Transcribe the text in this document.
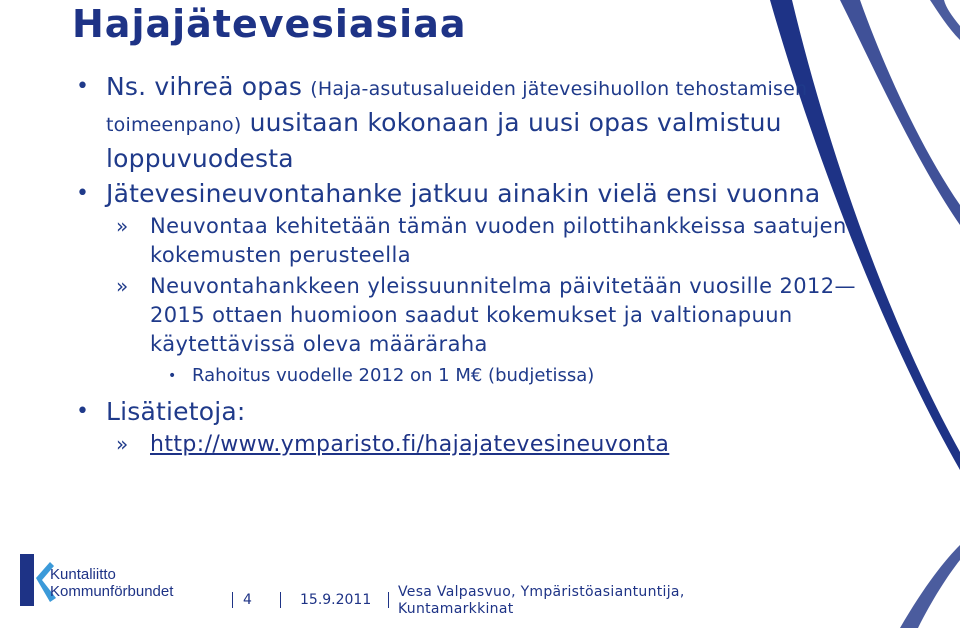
Hajajätevesiasiaa
• Ns. vihreä opas (Haja-asutusalueiden jätevesihuollon tehostamisen toimeenpano) uusitaan kokonaan ja uusi opas valmistuu loppuvuodesta
• Jätevesineuvontahanke jatkuu ainakin vielä ensi vuonna
» Neuvontaa kehitetään tämän vuoden pilottihankkeissa saatujen kokemusten perusteella
» Neuvontahankkeen yleissuunnitelma päivitetään vuosille 2012—2015 ottaen huomioon saadut kokemukset ja valtionapuun käytettävissä oleva määräraha
• Rahoitus vuodelle 2012 on 1 M€ (budjetissa)
• Lisätietoja:
» http://www.ymparisto.fi/hajajatevesineuvonta
Kuntaliitto
Kommunförbundet	4	15.9.2011 Vesa Valpasvuo, Ympäristöasiantuntija,
Kuntamarkkinat
